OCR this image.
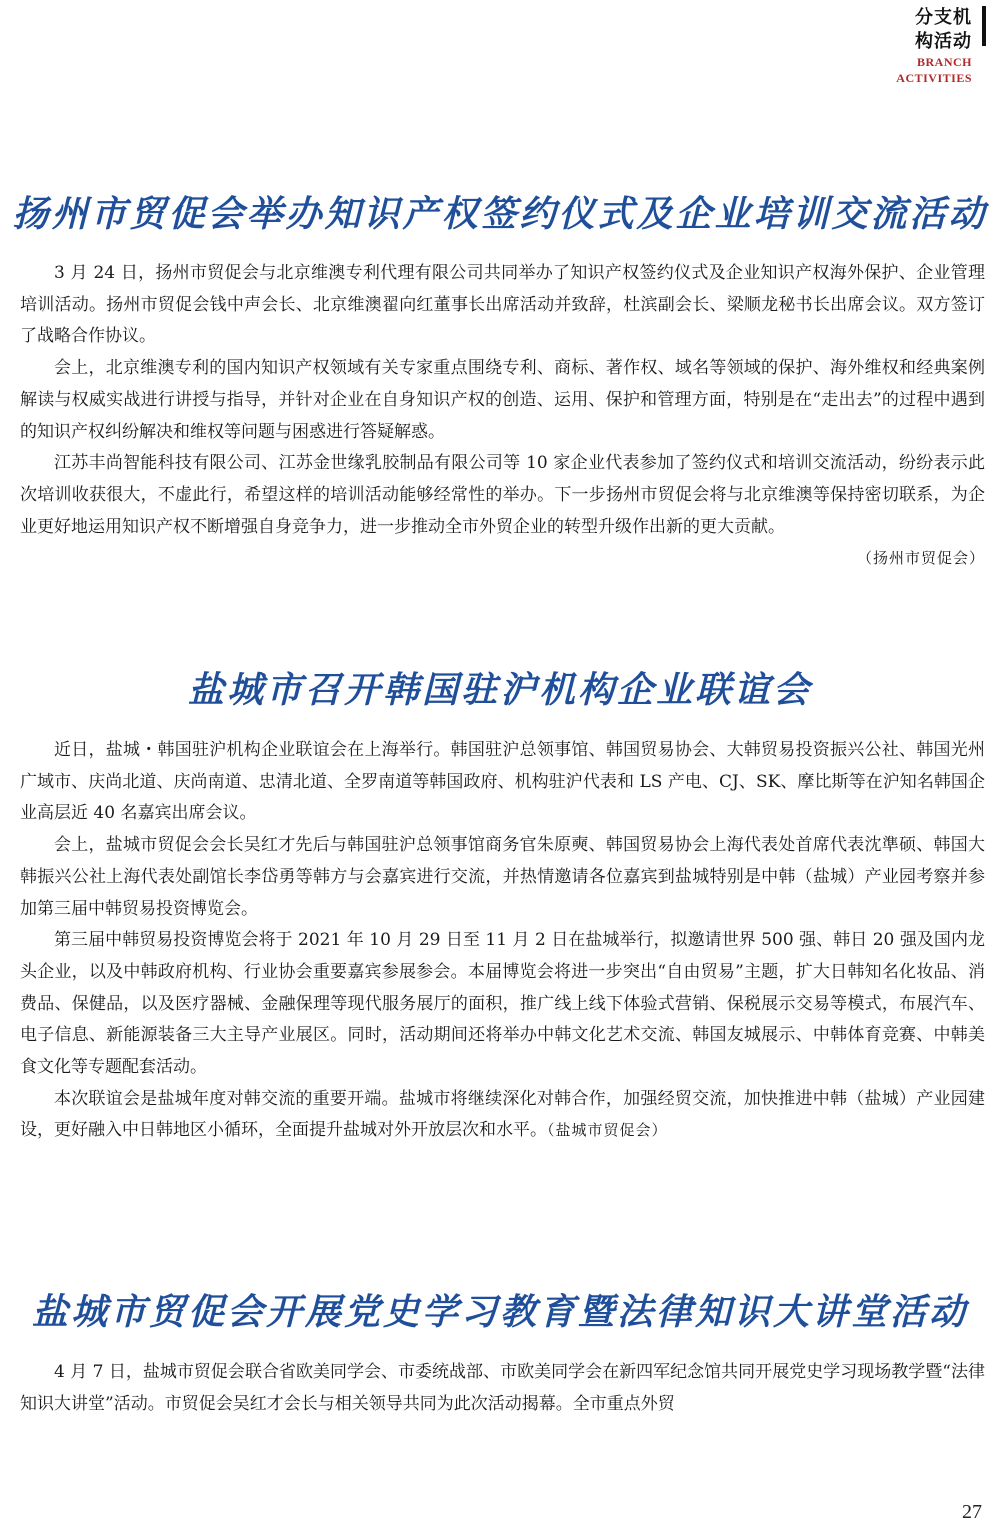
分支机构活动
BRANCH ACTIVITIES
扬州市贸促会举办知识产权签约仪式及企业培训交流活动

3 月 24 日，扬州市贸促会与北京维澳专利代理有限公司共同举办了知识产权签约仪式及企业知识产权海外保护、企业管理培训活动。扬州市贸促会钱中声会长、北京维澳翟向红董事长出席活动并致辞，杜滨副会长、梁顺龙秘书长出席会议。双方签订了战略合作协议。

会上，北京维澳专利的国内知识产权领域有关专家重点围绕专利、商标、著作权、域名等领域的保护、海外维权和经典案例解读与权威实战进行讲授与指导，并针对企业在自身知识产权的创造、运用、保护和管理方面，特别是在“走出去”的过程中遇到的知识产权纠纷解决和维权等问题与困惑进行答疑解惑。

江苏丰尚智能科技有限公司、江苏金世缘乳胶制品有限公司等 10 家企业代表参加了签约仪式和培训交流活动，纷纷表示此次培训收获很大，不虚此行，希望这样的培训活动能够经常性的举办。下一步扬州市贸促会将与北京维澳等保持密切联系，为企业更好地运用知识产权不断增强自身竞争力，进一步推动全市外贸企业的转型升级作出新的更大贡献。

（扬州市贸促会）

盐城市召开韩国驻沪机构企业联谊会

近日，盐城・韩国驻沪机构企业联谊会在上海举行。韩国驻沪总领事馆、韩国贸易协会、大韩贸易投资振兴公社、韩国光州广域市、庆尚北道、庆尚南道、忠清北道、全罗南道等韩国政府、机构驻沪代表和 LS 产电、CJ、SK、摩比斯等在沪知名韩国企业高层近 40 名嘉宾出席会议。

会上，盐城市贸促会会长吴红才先后与韩国驻沪总领事馆商务官朱原奭、韩国贸易协会上海代表处首席代表沈準硕、韩国大韩振兴公社上海代表处副馆长李岱勇等韩方与会嘉宾进行交流，并热情邀请各位嘉宾到盐城特别是中韩（盐城）产业园考察并参加第三届中韩贸易投资博览会。

第三届中韩贸易投资博览会将于 2021 年 10 月 29 日至 11 月 2 日在盐城举行，拟邀请世界 500 强、韩日 20 强及国内龙头企业，以及中韩政府机构、行业协会重要嘉宾参展参会。本届博览会将进一步突出“自由贸易”主题，扩大日韩知名化妆品、消费品、保健品，以及医疗器械、金融保理等现代服务展厅的面积，推广线上线下体验式营销、保税展示交易等模式，布展汽车、电子信息、新能源装备三大主导产业展区。同时，活动期间还将举办中韩文化艺术交流、韩国友城展示、中韩体育竞赛、中韩美食文化等专题配套活动。

本次联谊会是盐城年度对韩交流的重要开端。盐城市将继续深化对韩合作，加强经贸交流，加快推进中韩（盐城）产业园建设，更好融入中日韩地区小循环，全面提升盐城对外开放层次和水平。（盐城市贸促会）

盐城市贸促会开展党史学习教育暨法律知识大讲堂活动

4 月 7 日，盐城市贸促会联合省欧美同学会、市委统战部、市欧美同学会在新四军纪念馆共同开展党史学习现场教学暨“法律知识大讲堂”活动。市贸促会吴红才会长与相关领导共同为此次活动揭幕。全市重点外贸

27
